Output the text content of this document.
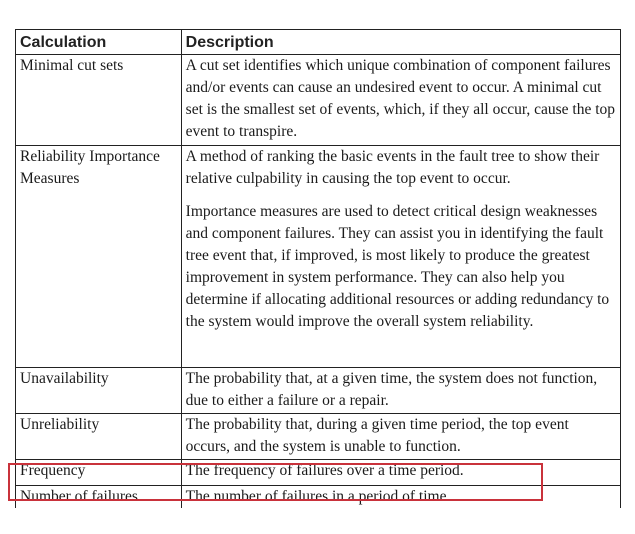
Calculation	Description
Minimal cut sets	A cut set identifies which unique combination of component failures and/or events can cause an undesired event to occur. A minimal cut set is the smallest set of events, which, if they all occur, cause the top event to transpire.

Reliability Importance Measures	A method of ranking the basic events in the fault tree to show their relative culpability in causing the top event to occur.

Importance measures are used to detect critical design weaknesses and component failures. They can assist you in identifying the fault tree event that, if improved, is most likely to produce the greatest improvement in system performance. They can also help you determine if allocating additional resources or adding redundancy to the system would improve the overall system reliability.

Unavailability	The probability that, at a given time, the system does not function, due to either a failure or a repair.

Unreliability	The probability that, during a given time period, the top event occurs, and the system is unable to function.

Frequency	The frequency of failures over a time period.

Number of failures	The number of failures in a period of time.
